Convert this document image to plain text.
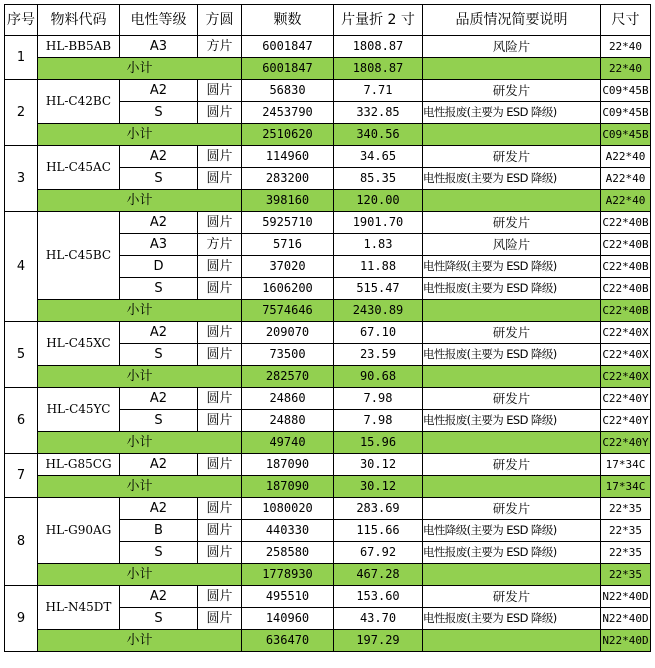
序号	物料代码	电性等级	方圆	颗数	片量折 2 寸	品质情况简要说明	尺寸
1	HL-BB5AB	A3	方片	6001847	1808.87	风险片	22*40
	小计			6001847	1808.87		22*40
2	HL-C42BC	A2	圆片	56830	7.71	研发片	C09*45B
		S	圆片	2453790	332.85	电性报废(主要为 ESD 降级)	C09*45B
	小计			2510620	340.56		C09*45B
3	HL-C45AC	A2	圆片	114960	34.65	研发片	A22*40
		S	圆片	283200	85.35	电性报废(主要为 ESD 降级)	A22*40
	小计			398160	120.00		A22*40
4	HL-C45BC	A2	圆片	5925710	1901.70	研发片	C22*40B
		A3	方片	5716	1.83	风险片	C22*40B
		D	圆片	37020	11.88	电性降级(主要为 ESD 降级)	C22*40B
		S	圆片	1606200	515.47	电性报废(主要为 ESD 降级)	C22*40B
	小计			7574646	2430.89		C22*40B
5	HL-C45XC	A2	圆片	209070	67.10	研发片	C22*40X
		S	圆片	73500	23.59	电性报废(主要为 ESD 降级)	C22*40X
	小计			282570	90.68		C22*40X
6	HL-C45YC	A2	圆片	24860	7.98	研发片	C22*40Y
		S	圆片	24880	7.98	电性报废(主要为 ESD 降级)	C22*40Y
	小计			49740	15.96		C22*40Y
7	HL-G85CG	A2	圆片	187090	30.12	研发片	17*34C
	小计			187090	30.12		17*34C
8	HL-G90AG	A2	圆片	1080020	283.69	研发片	22*35
		B	圆片	440330	115.66	电性降级(主要为 ESD 降级)	22*35
		S	圆片	258580	67.92	电性报废(主要为 ESD 降级)	22*35
	小计			1778930	467.28		22*35
9	HL-N45DT	A2	圆片	495510	153.60	研发片	N22*40D
		S	圆片	140960	43.70	电性报废(主要为 ESD 降级)	N22*40D
	小计			636470	197.29		N22*40D
